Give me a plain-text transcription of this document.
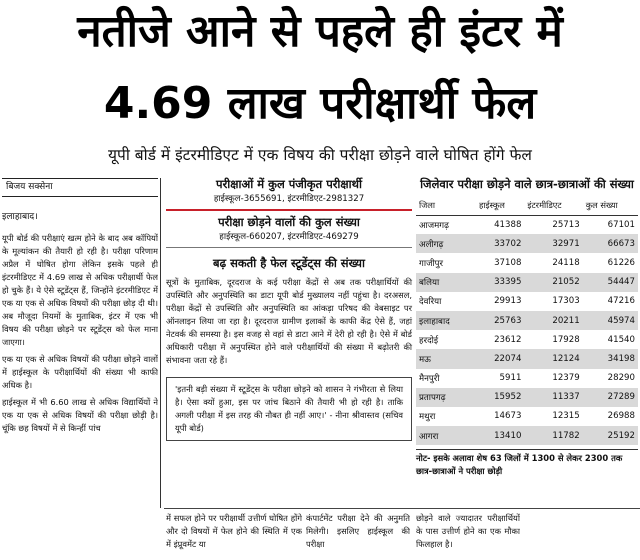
नतीजे आने से पहले ही इंटर में
4.69 लाख परीक्षार्थी फेल
यूपी बोर्ड में इंटरमीडिएट में एक विषय की परीक्षा छोड़ने वाले घोषित होंगे फेल
बिजय सक्सेना
इलाहाबाद।

यूपी बोर्ड की परीक्षाएं खत्म होने के बाद अब कॉपियों के मूल्यांकन की तैयारी हो रही है। परीक्षा परिणाम अप्रैल में घोषित होगा लेकिन इसके पहले ही इंटरमीडिएट में 4.69 लाख से अधिक परीक्षार्थी फेल हो चुके हैं। ये ऐसे स्टूडेंट्स हैं, जिन्होंने इंटरमीडिएट में एक या एक से अधिक विषयों की परीक्षा छोड़ दी थी। अब मौजूदा नियमों के मुताबिक, इंटर में एक भी विषय की परीक्षा छोड़ने पर स्टूडेंट्स को फेल माना जाएगा।

एक या एक से अधिक विषयों की परीक्षा छोड़ने वालों में हाईस्कूल के परीक्षार्थियों की संख्या भी काफी अधिक है।

हाईस्कूल में भी 6.60 लाख से अधिक विद्यार्थियों ने एक या एक से अधिक विषयों की परीक्षा छोड़ी है। चूंकि छह विषयों में से किन्हीं पांच

परीक्षाओं में कुल पंजीकृत परीक्षार्थी
हाईस्कूल-3655691, इंटरमीडिएट-2981327
परीक्षा छोड़ने वालों की कुल संख्या
हाईस्कूल-660207, इंटरमीडिएट-469279
बढ़ सकती है फेल स्टूडेंट्स की संख्या

सूत्रों के मुताबिक, दूरदराज के कई परीक्षा केंद्रों से अब तक परीक्षार्थियों की उपस्थिति और अनुपस्थिति का डाटा यूपी बोर्ड मुख्यालय नहीं पहुंचा है। दरअसल, परीक्षा केंद्रों से उपस्थिति और अनुपस्थिति का आंकड़ा परिषद की वेबसाइट पर ऑनलाइन लिया जा रहा है। दूरदराज ग्रामीण इलाकों के काफी केंद्र ऐसे हैं, जहां नेटवर्क की समस्या है। इस वजह से वहां से डाटा आने में देरी हो रही है। ऐसे में बोर्ड अधिकारी परीक्षा में अनुपस्थित होने वाले परीक्षार्थियों की संख्या में बढ़ोतरी की संभावना जता रहे हैं।

'इतनी बड़ी संख्या में स्टूडेंट्स के परीक्षा छोड़ने को शासन ने गंभीरता से लिया है। ऐसा क्यों हुआ, इस पर जांच बिठाने की तैयारी भी हो रही है। ताकि अगली परीक्षा में इस तरह की नौबत ही नहीं आए।' - नीना श्रीवास्तव (सचिव यूपी बोर्ड)
जिलेवार परीक्षा छोड़ने वाले छात्र-छात्राओं की संख्या
जिला	हाईस्कूल	इंटरमीडिएट	कुल संख्या
आजमगढ़	41388	25713	67101
अलीगढ़	33702	32971	66673
गाजीपुर	37108	24118	61226
बलिया	33395	21052	54447
देवरिया	29913	17303	47216
इलाहाबाद	25763	20211	45974
हरदोई	23612	17928	41540
मऊ	22074	12124	34198
मैनपुरी	5911	12379	28290
प्रतापगढ़	15952	11337	27289
मथुरा	14673	12315	26988
आगरा	13410	11782	25192
नोट- इसके अलावा शेष 63 जिलों में 1300 से लेकर 2300 तक छात्र-छात्राओं ने परीक्षा छोड़ी
में सफल होने पर परीक्षार्थी उत्तीर्ण घोषित होंगे और दो विषयों में फेल होने की स्थिति में एक में इंप्रूवमेंट या
कंपार्टमेंट परीक्षा देने की अनुमति मिलेगी। इसलिए हाईस्कूल की परीक्षा
छोड़ने वाले ज्यादातर परीक्षार्थियों के पास उत्तीर्ण होने का एक मौका फिलहाल है।
